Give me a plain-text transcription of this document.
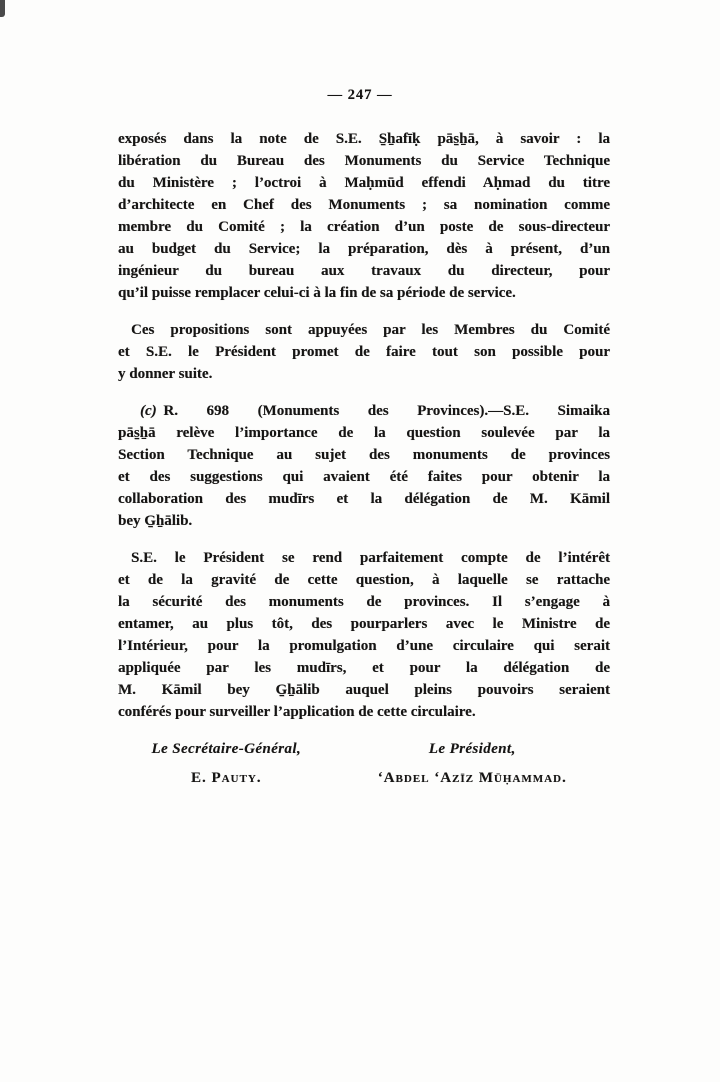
— 247 —

exposés dans la note de S.E. S̱ẖafīḳ pās̱ẖā, à savoir : la
libération du Bureau des Monuments du Service Technique
du Ministère ; l’octroi à Maḥmūd effendi Aḥmad du titre
d’architecte en Chef des Monuments ; sa nomination comme
membre du Comité ; la création d’un poste de sous-directeur
au budget du Service; la préparation, dès à présent, d’un
ingénieur du bureau aux travaux du directeur, pour
qu’il puisse remplacer celui-ci à la fin de sa période de service.

Ces propositions sont appuyées par les Membres du Comité
et S.E. le Président promet de faire tout son possible pour
y donner suite.

(c) R. 698 (Monuments des Provinces).—S.E. Simaika
pās̱ẖā relève l’importance de la question soulevée par la
Section Technique au sujet des monuments de provinces
et des suggestions qui avaient été faites pour obtenir la
collaboration des mudīrs et la délégation de M. Kāmil
bey G̱ẖālib.

S.E. le Président se rend parfaitement compte de l’intérêt
et de la gravité de cette question, à laquelle se rattache
la sécurité des monuments de provinces. Il s’engage à
entamer, au plus tôt, des pourparlers avec le Ministre de
l’Intérieur, pour la promulgation d’une circulaire qui serait
appliquée par les mudīrs, et pour la délégation de
M. Kāmil bey G̱ẖālib auquel pleins pouvoirs seraient
conférés pour surveiller l’application de cette circulaire.

Le Secrétaire-Général,
E. Pauty.
Le Président,
‘Abdel ‘Azīz Mūḥammad.
